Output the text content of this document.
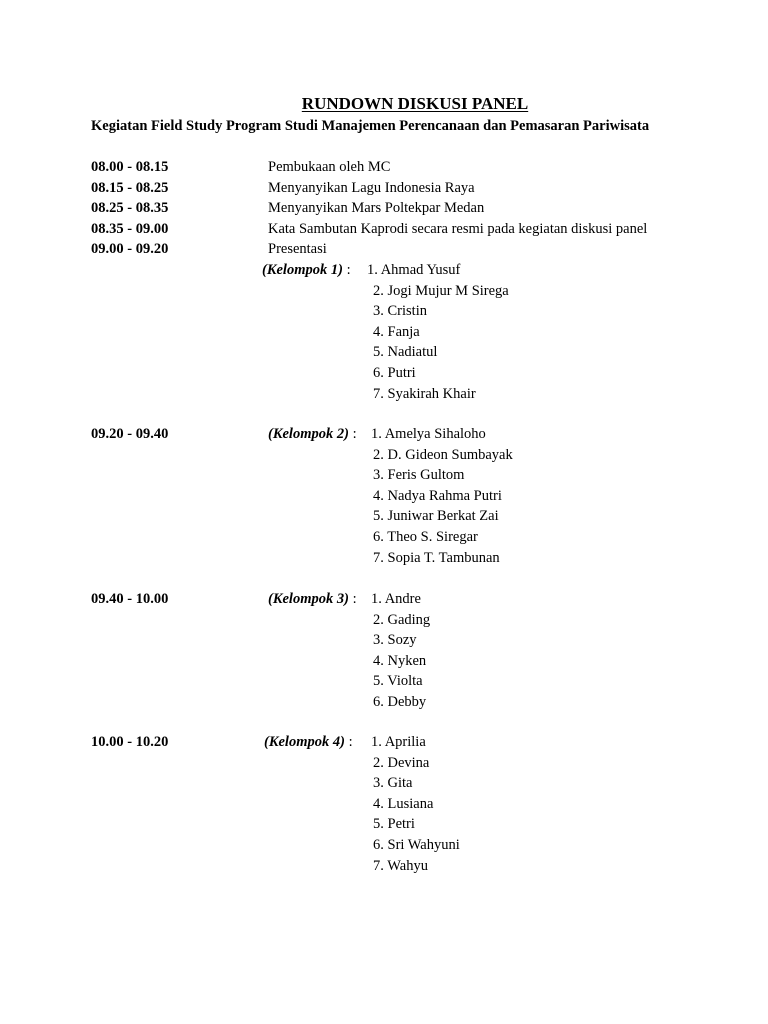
RUNDOWN DISKUSI PANEL
Kegiatan Field Study Program Studi Manajemen Perencanaan dan Pemasaran Pariwisata
08.00 - 08.15	Pembukaan oleh MC
08.15 - 08.25	Menyanyikan Lagu Indonesia Raya
08.25 - 08.35	Menyanyikan Mars Poltekpar Medan
08.35 - 09.00	Kata Sambutan Kaprodi secara resmi pada kegiatan diskusi panel
09.00 - 09.20	Presentasi
(Kelompok 1) : 1. Ahmad Yusuf
2. Jogi Mujur M Sirega
3. Cristin
4. Fanja
5. Nadiatul
6. Putri
7. Syakirah Khair
09.20 - 09.40	(Kelompok 2) : 1. Amelya Sihaloho
2. D. Gideon Sumbayak
3. Feris Gultom
4. Nadya Rahma Putri
5. Juniwar Berkat Zai
6. Theo S. Siregar
7. Sopia T. Tambunan
09.40 - 10.00	(Kelompok 3) : 1. Andre
2. Gading
3. Sozy
4. Nyken
5. Violta
6. Debby
10.00 - 10.20	(Kelompok 4) : 1. Aprilia
2. Devina
3. Gita
4. Lusiana
5. Petri
6. Sri Wahyuni
7. Wahyu
